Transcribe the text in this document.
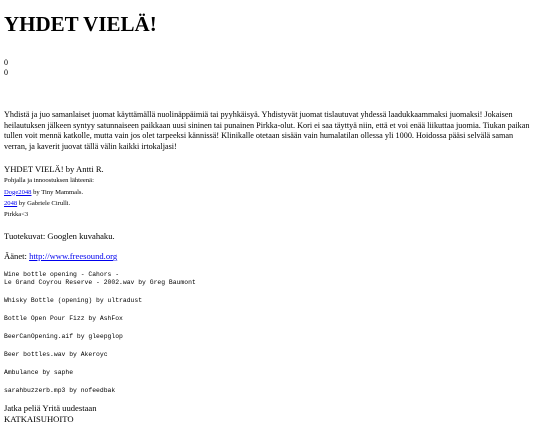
YHDET VIELÄ!
0
0

Yhdistä ja juo samanlaiset juomat käyttämällä nuolinäppäimiä tai pyyhkäisyä. Yhdistyvät juomat tislautuvat yhdessä laadukkaammaksi juomaksi! Jokaisen heilautuksen jälkeen syntyy satunnaiseen paikkaan uusi sininen tai punainen Pirkka-olut. Kori ei saa täyttyä niin, että et voi enää liikuttaa juomia. Tiukan paikan tullen voit mennä katkolle, mutta vain jos olet tarpeeksi kännissä! Klinikalle otetaan sisään vain humalatilan ollessa yli 1000. Hoidossa pääsi selvälä saman verran, ja kaverit juovat tällä välin kaikki irtokaljasi!

YHDET VIELÄ! by Antti R.
Pohjalla ja innoostuksen lähteenä:
Doge2048 by Tiny Mammals.
2048 by Gabriele Cirulli.
Pirkka<3
Tuotekuvat: Googlen kuvahaku.
Äänet: http://www.freesound.org
Wine bottle opening - Cahors -
Le Grand Coyrou Reserve - 2002.wav by Greg Baumont
Whisky Bottle (opening) by ultradust
Bottle Open Pour Fizz by AshFox
BeerCanOpening.aif by gleepglop
Beer bottles.wav by Akeroyc
Ambulance by saphe
sarahbuzzerb.mp3 by nofeedbak
Jatka peliä Yritä uudestaan
KATKAISUHOITO
